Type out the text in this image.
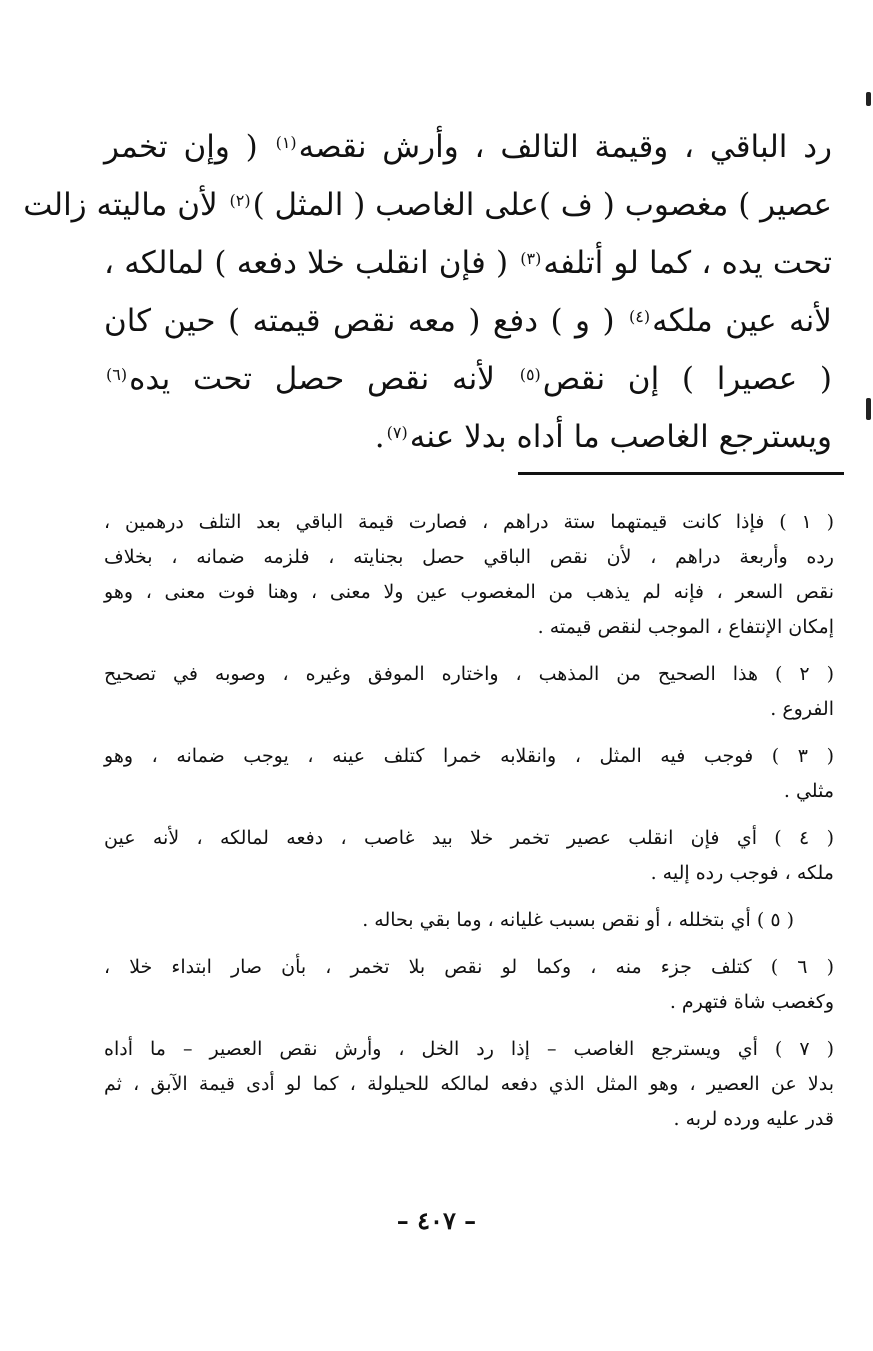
رد الباقي ، وقيمة التالف ، وأرش نقصه$^{(١)}$ ( وإن تخمر
عصير ) مغصوب ( ف )على الغاصب ( المثل )$^{(٢)}$ لأن ماليته زالت
تحت يده ، كما لو أتلفه$^{(٣)}$ ( فإن انقلب خلا دفعه ) لمالكه ،
لأنه عين ملكه$^{(٤)}$ ( و ) دفع ( معه نقص قيمته ) حين كان
( عصيرا ) إن نقص$^{(٥)}$ لأنه نقص حصل تحت يده$^{(٦)}$
ويسترجع الغاصب ما أداه بدلا عنه$^{(٧)}$.
( ١ ) فإذا كانت قيمتهما ستة دراهم ، فصارت قيمة الباقي بعد التلف درهمين ،
رده وأربعة دراهم ، لأن نقص الباقي حصل بجنايته ، فلزمه ضمانه ، بخلاف
نقص السعر ، فإنه لم يذهب من المغصوب عين ولا معنى ، وهنا فوت معنى ، وهو
إمكان الإنتفاع ، الموجب لنقص قيمته .
( ٢ ) هذا الصحيح من المذهب ، واختاره الموفق وغيره ، وصوبه في تصحيح
الفروع .
( ٣ ) فوجب فيه المثل ، وانقلابه خمرا كتلف عينه ، يوجب ضمانه ، وهو
مثلي .
( ٤ ) أي فإن انقلب عصير تخمر خلا بيد غاصب ، دفعه لمالكه ، لأنه عين
ملكه ، فوجب رده إليه .
( ٥ ) أي بتخلله ، أو نقص بسبب غليانه ، وما بقي بحاله .
( ٦ ) كتلف جزء منه ، وكما لو نقص بلا تخمر ، بأن صار ابتداء خلا ،
وكغصب شاة فتهرم .
( ٧ ) أي ويسترجع الغاصب – إذا رد الخل ، وأرش نقص العصير – ما أداه
بدلا عن العصير ، وهو المثل الذي دفعه لمالكه للحيلولة ، كما لو أدى قيمة الآبق ، ثم
قدر عليه ورده لربه .
– ٤٠٧ –
